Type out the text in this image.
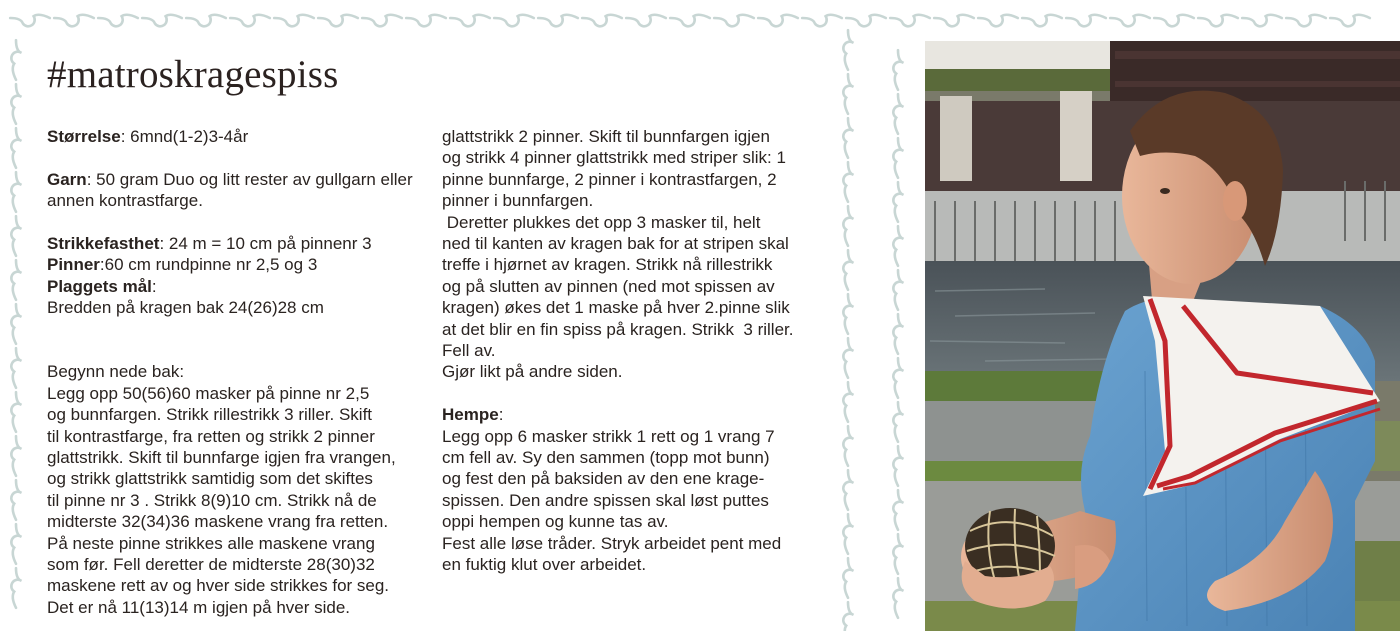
#matroskragespiss

Størrelse: 6mnd(1-2)3-4år

Garn: 50 gram Duo og litt rester av gullgarn eller annen kontrastfarge.

Strikkefasthet: 24 m = 10 cm på pinnenr 3

Pinner:60 cm rundpinne nr 2,5 og 3

Plaggets mål:

Bredden på kragen bak 24(26)28 cm

Begynn nede bak:

Legg opp 50(56)60 masker på pinne nr 2,5

og bunnfargen. Strikk rillestrikk 3 riller. Skift

til kontrastfarge, fra retten og strikk 2 pinner

glattstrikk. Skift til bunnfarge igjen fra vrangen,

og strikk glattstrikk samtidig som det skiftes

til pinne nr 3 . Strikk 8(9)10 cm. Strikk nå de

midterste 32(34)36 maskene vrang fra retten.

På neste pinne strikkes alle maskene vrang

som før. Fell deretter de midterste 28(30)32

maskene rett av og hver side strikkes for seg.

Det er nå 11(13)14 m igjen på hver side.

glattstrikk 2 pinner. Skift til bunnfargen igjen

og strikk 4 pinner glattstrikk med striper slik: 1

pinne bunnfarge, 2 pinner i kontrastfargen, 2

pinner i bunnfargen.

Deretter plukkes det opp 3 masker til, helt

ned til kanten av kragen bak for at stripen skal

treffe i hjørnet av kragen. Strikk nå rillestrikk

og på slutten av pinnen (ned mot spissen av

kragen) økes det 1 maske på hver 2.pinne slik

at det blir en fin spiss på kragen. Strikk  3 riller.

Fell av.

Gjør likt på andre siden.

Hempe:

Legg opp 6 masker strikk 1 rett og 1 vrang 7

cm fell av. Sy den sammen (topp mot bunn)

og fest den på baksiden av den ene krage-

spissen. Den andre spissen skal løst puttes

oppi hempen og kunne tas av.

Fest alle løse tråder. Stryk arbeidet pent med

en fuktig klut over arbeidet.
